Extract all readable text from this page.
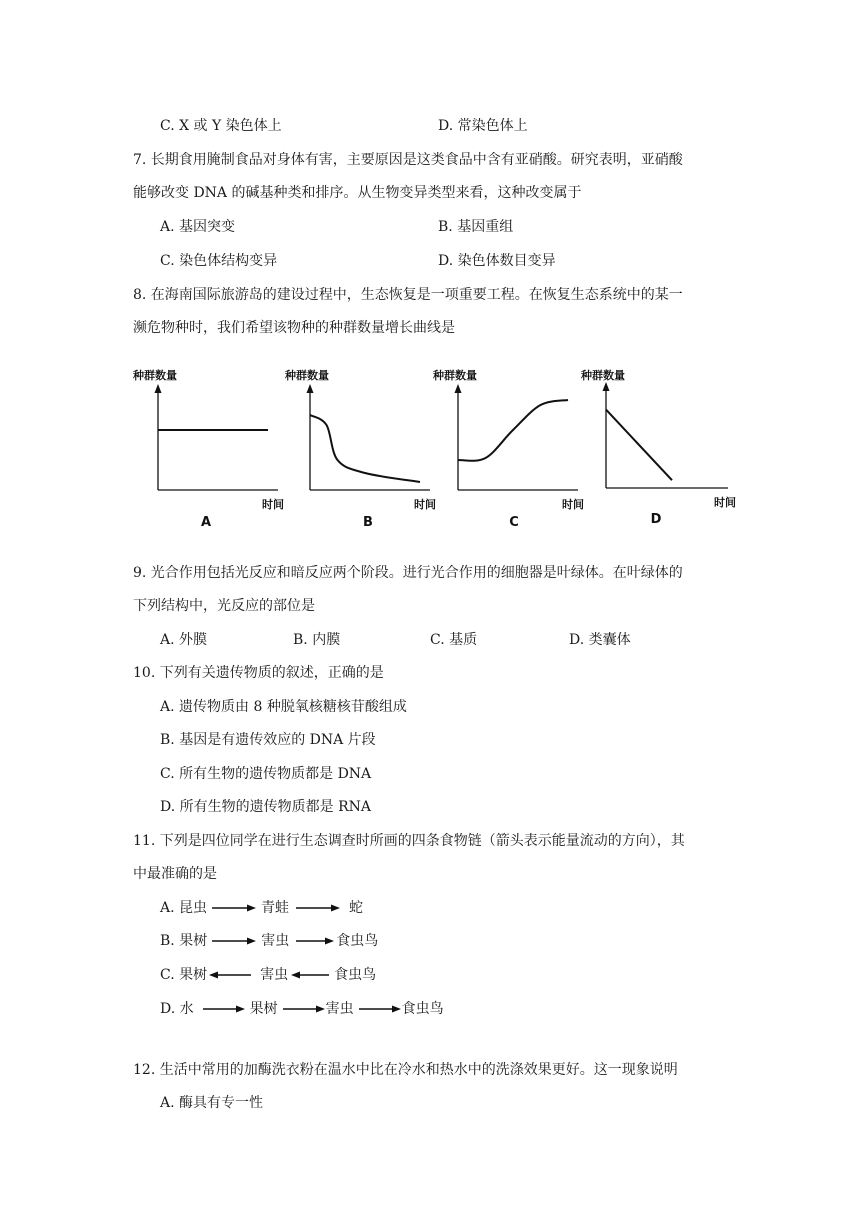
C. X 或 Y 染色体上	D. 常染色体上
7. 长期食用腌制食品对身体有害，主要原因是这类食品中含有亚硝酸。研究表明，亚硝酸
能够改变 DNA 的碱基种类和排序。从生物变异类型来看，这种改变属于
A. 基因突变	B. 基因重组
C. 染色体结构变异	D. 染色体数目变异
8. 在海南国际旅游岛的建设过程中，生态恢复是一项重要工程。在恢复生态系统中的某一
濒危物种时，我们希望该物种的种群数量增长曲线是
种群数量
时间
A
种群数量
时间
B
种群数量
时间
C
种群数量
时间
D
9. 光合作用包括光反应和暗反应两个阶段。进行光合作用的细胞器是叶绿体。在叶绿体的
下列结构中，光反应的部位是
A. 外膜	B. 内膜	C. 基质	D. 类囊体
10. 下列有关遗传物质的叙述，正确的是
A. 遗传物质由 8 种脱氧核糖核苷酸组成
B. 基因是有遗传效应的 DNA 片段
C. 所有生物的遗传物质都是 DNA
D. 所有生物的遗传物质都是 RNA
11. 下列是四位同学在进行生态调查时所画的四条食物链（箭头表示能量流动的方向），其
中最准确的是
A. 昆虫	青蛙	蛇
B. 果树	害虫	食虫鸟
C. 果树	害虫	食虫鸟
D. 水	果树	害虫	食虫鸟
12. 生活中常用的加酶洗衣粉在温水中比在冷水和热水中的洗涤效果更好。这一现象说明
A. 酶具有专一性
